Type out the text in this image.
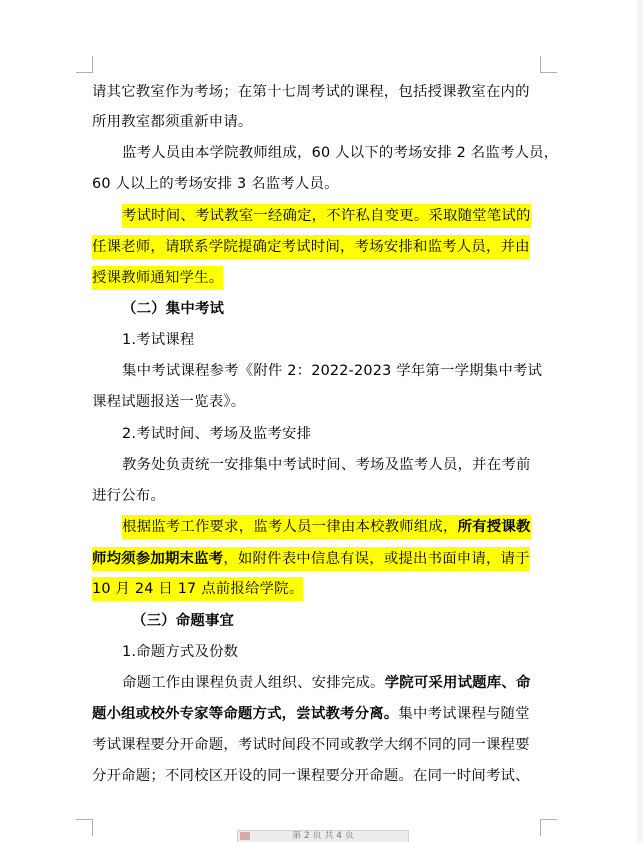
请其它教室作为考场；在第十七周考试的课程，包括授课教室在内的
所用教室都须重新申请。
监考人员由本学院教师组成，60 人以下的考场安排 2 名监考人员，
60 人以上的考场安排 3 名监考人员。
考试时间、考试教室一经确定，不许私自变更。采取随堂笔试的
任课老师，请联系学院提确定考试时间，考场安排和监考人员，并由
授课教师通知学生。
（二）集中考试
1.考试课程
集中考试课程参考《附件 2：2022-2023 学年第一学期集中考试
课程试题报送一览表》。
2.考试时间、考场及监考安排
教务处负责统一安排集中考试时间、考场及监考人员，并在考前
进行公布。
根据监考工作要求，监考人员一律由本校教师组成，所有授课教
师均须参加期末监考，如附件表中信息有误，或提出书面申请，请于
10 月 24 日 17 点前报给学院。
（三）命题事宜
1.命题方式及份数
命题工作由课程负责人组织、安排完成。学院可采用试题库、命
题小组或校外专家等命题方式，尝试教考分离。集中考试课程与随堂
考试课程要分开命题，考试时间段不同或教学大纲不同的同一课程要
分开命题；不同校区开设的同一课程要分开命题。在同一时间考试、
第 2 页 共 4 页
